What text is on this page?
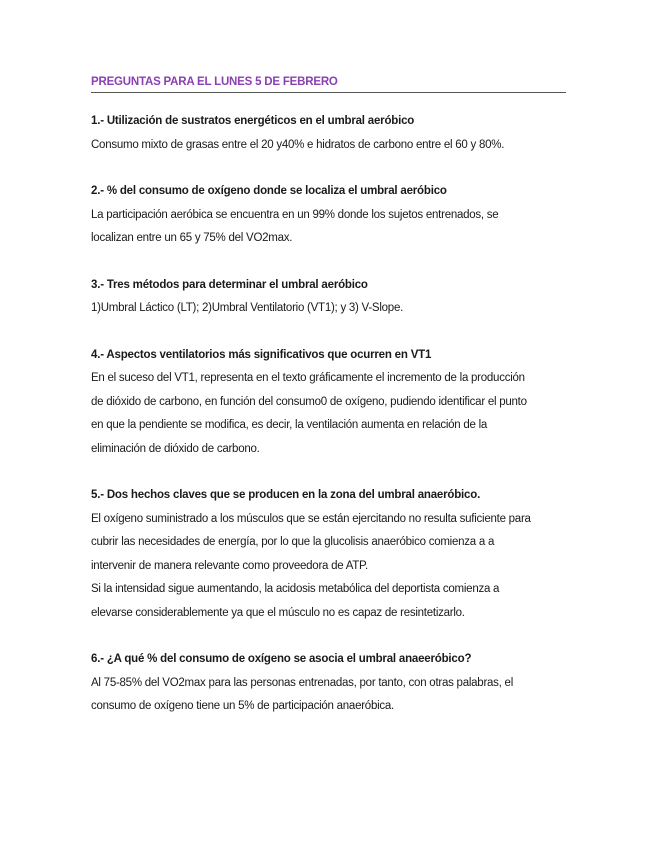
PREGUNTAS PARA EL LUNES 5 DE FEBRERO

1.- Utilización de sustratos energéticos en el umbral aeróbico

Consumo mixto de grasas entre el 20 y40% e hidratos de carbono entre el 60 y 80%.

2.- % del consumo de oxígeno donde se localiza el umbral aeróbico

La participación aeróbica se encuentra en un 99% donde los sujetos entrenados, se

localizan entre un 65 y 75% del VO2max.

3.- Tres métodos para determinar el umbral aeróbico

1)Umbral Láctico (LT); 2)Umbral Ventilatorio (VT1); y 3) V-Slope.

4.- Aspectos ventilatorios más significativos que ocurren en VT1

En el suceso del VT1, representa en el texto gráficamente el incremento de la producción

de dióxido de carbono, en función del consumo0 de oxígeno, pudiendo identificar el punto

en que la pendiente se modifica, es decir, la ventilación aumenta en relación de la

eliminación de dióxido de carbono.

5.- Dos hechos claves que se producen en la zona del umbral anaeróbico.

El oxígeno suministrado a los músculos que se están ejercitando no resulta suficiente para

cubrir las necesidades de energía, por lo que la glucolisis anaeróbico comienza a a

intervenir de manera relevante como proveedora de ATP.

Si la intensidad sigue aumentando, la acidosis metabólica del deportista comienza a

elevarse considerablemente ya que el músculo no es capaz de resintetizarlo.

6.- ¿A qué % del consumo de oxígeno se asocia el umbral anaeeróbico?

Al 75-85% del VO2max para las personas entrenadas, por tanto, con otras palabras, el

consumo de oxígeno tiene un 5% de participación anaeróbica.
